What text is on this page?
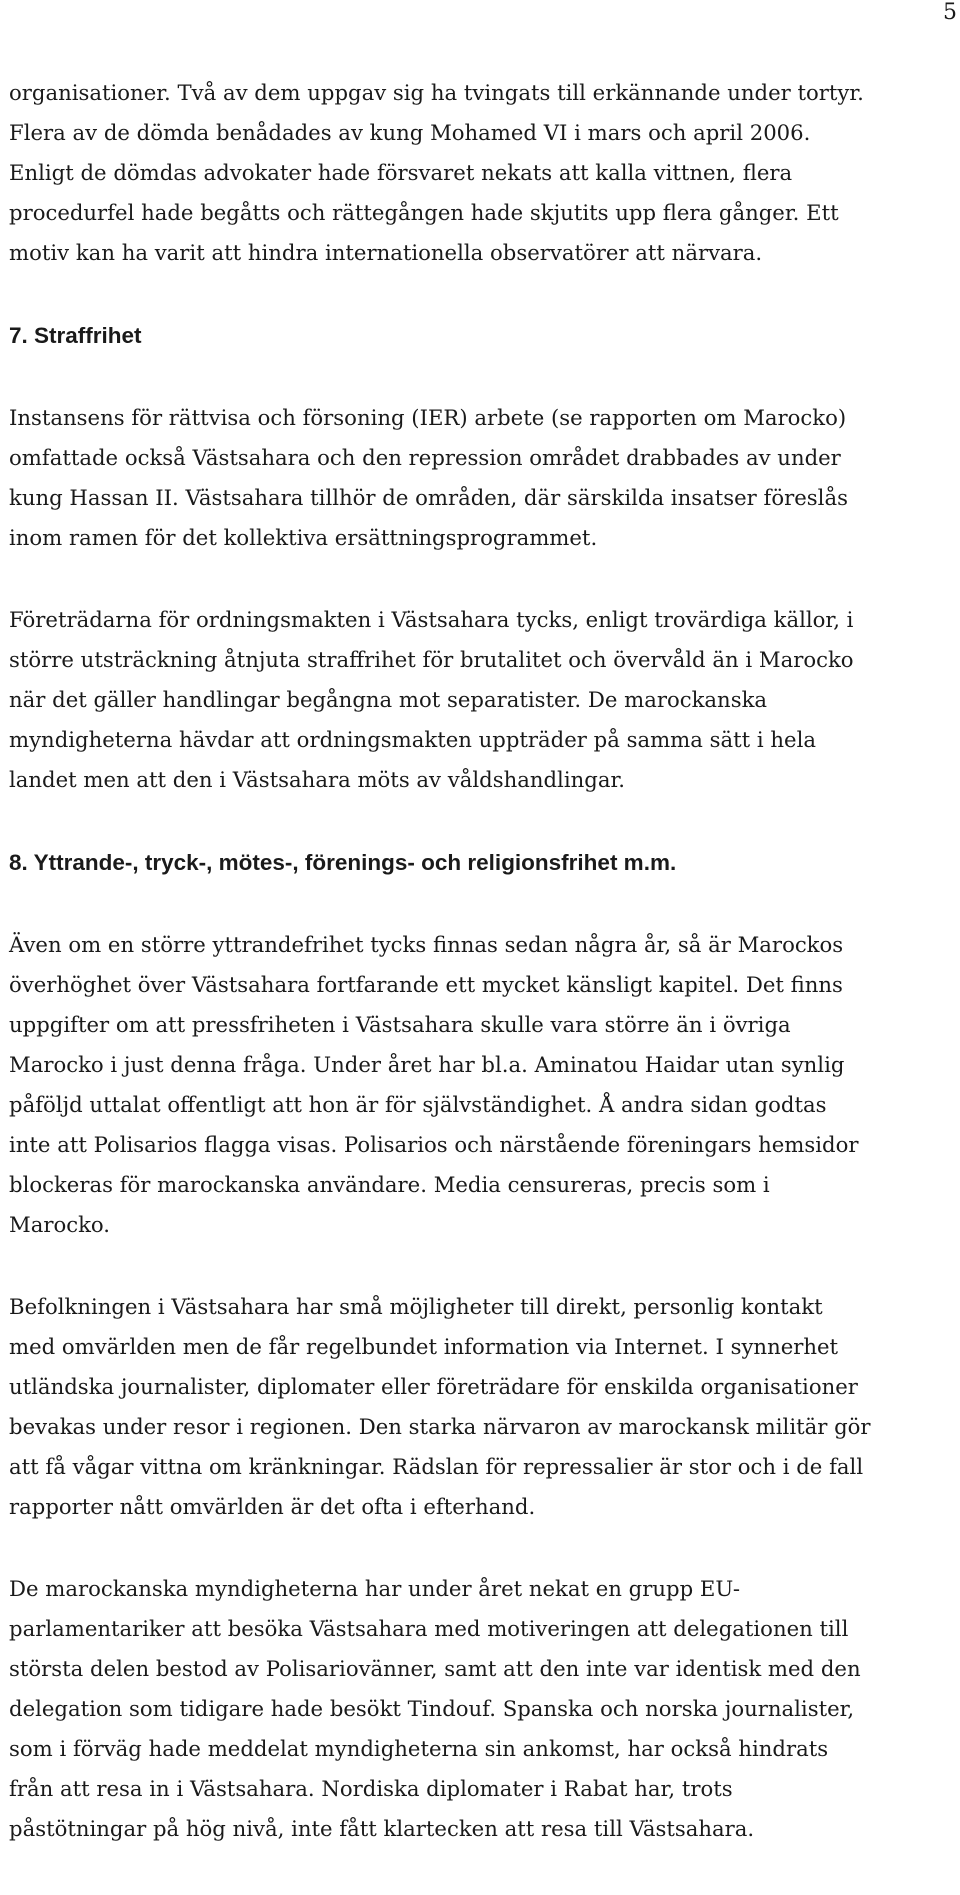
5
organisationer. Två av dem uppgav sig ha tvingats till erkännande under tortyr.
Flera av de dömda benådades av kung Mohamed VI i mars och april 2006.
Enligt de dömdas advokater hade försvaret nekats att kalla vittnen, flera
procedurfel hade begåtts och rättegången hade skjutits upp flera gånger. Ett
motiv kan ha varit att hindra internationella observatörer att närvara.
7. Straffrihet
Instansens för rättvisa och försoning (IER) arbete (se rapporten om Marocko)
omfattade också Västsahara och den repression området drabbades av under
kung Hassan II. Västsahara tillhör de områden, där särskilda insatser föreslås
inom ramen för det kollektiva ersättningsprogrammet.
Företrädarna för ordningsmakten i Västsahara tycks, enligt trovärdiga källor, i
större utsträckning åtnjuta straffrihet för brutalitet och övervåld än i Marocko
när det gäller handlingar begångna mot separatister. De marockanska
myndigheterna hävdar att ordningsmakten uppträder på samma sätt i hela
landet men att den i Västsahara möts av våldshandlingar.
8. Yttrande-, tryck-, mötes-, förenings- och religionsfrihet m.m.
Även om en större yttrandefrihet tycks finnas sedan några år, så är Marockos
överhöghet över Västsahara fortfarande ett mycket känsligt kapitel. Det finns
uppgifter om att pressfriheten i Västsahara skulle vara större än i övriga
Marocko i just denna fråga. Under året har bl.a. Aminatou Haidar utan synlig
påföljd uttalat offentligt att hon är för självständighet. Å andra sidan godtas
inte att Polisarios flagga visas. Polisarios och närstående föreningars hemsidor
blockeras för marockanska användare. Media censureras, precis som i
Marocko.
Befolkningen i Västsahara har små möjligheter till direkt, personlig kontakt
med omvärlden men de får regelbundet information via Internet. I synnerhet
utländska journalister, diplomater eller företrädare för enskilda organisationer
bevakas under resor i regionen. Den starka närvaron av marockansk militär gör
att få vågar vittna om kränkningar. Rädslan för repressalier är stor och i de fall
rapporter nått omvärlden är det ofta i efterhand.
De marockanska myndigheterna har under året nekat en grupp EU-
parlamentariker att besöka Västsahara med motiveringen att delegationen till
största delen bestod av Polisariovänner, samt att den inte var identisk med den
delegation som tidigare hade besökt Tindouf. Spanska och norska journalister,
som i förväg hade meddelat myndigheterna sin ankomst, har också hindrats
från att resa in i Västsahara. Nordiska diplomater i Rabat har, trots
påstötningar på hög nivå, inte fått klartecken att resa till Västsahara.
